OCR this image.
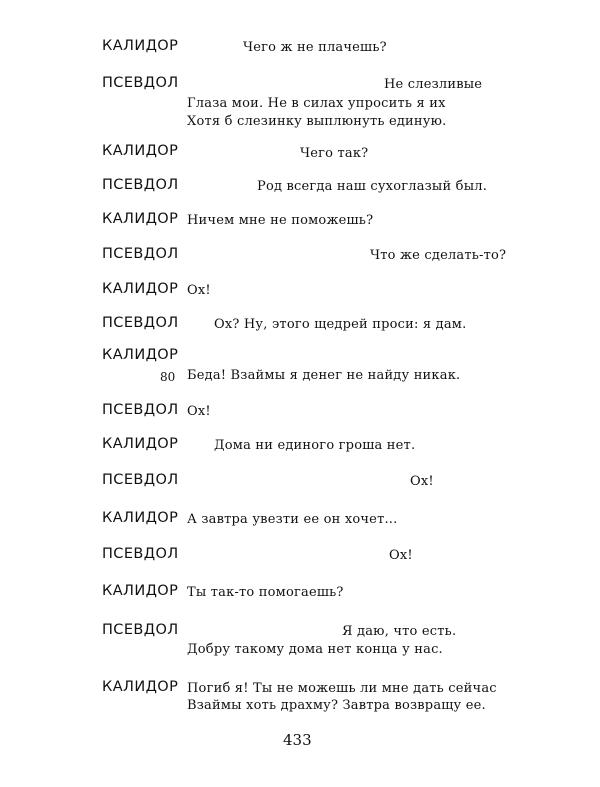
КАЛИДОР	Чего ж не плачешь?
ПСЕВДОЛ	Не слезливые
Глаза мои. Не в силах упросить я их
Хотя б слезинку выплюнуть единую.
КАЛИДОР	Чего так?
ПСЕВДОЛ	Род всегда наш сухоглазый был.
КАЛИДОР Ничем мне не поможешь?
ПСЕВДОЛ	Что же сделать-то?
КАЛИДОР Ох!
ПСЕВДОЛ	Ох? Ну, этого щедрей проси: я дам.
КАЛИДОР
80 Беда! Взаймы я денег не найду никак.
ПСЕВДОЛ Ох!
КАЛИДОР	Дома ни единого гроша нет.
ПСЕВДОЛ	Ох!
КАЛИДОР А завтра увезти ее он хочет...
ПСЕВДОЛ	Ох!
КАЛИДОР Ты так-то помогаешь?
ПСЕВДОЛ	Я даю, что есть.
Добру такому дома нет конца у нас.
КАЛИДОР Погиб я! Ты не можешь ли мне дать сейчас
Взаймы хоть драхму? Завтра возвращу ее.
433
